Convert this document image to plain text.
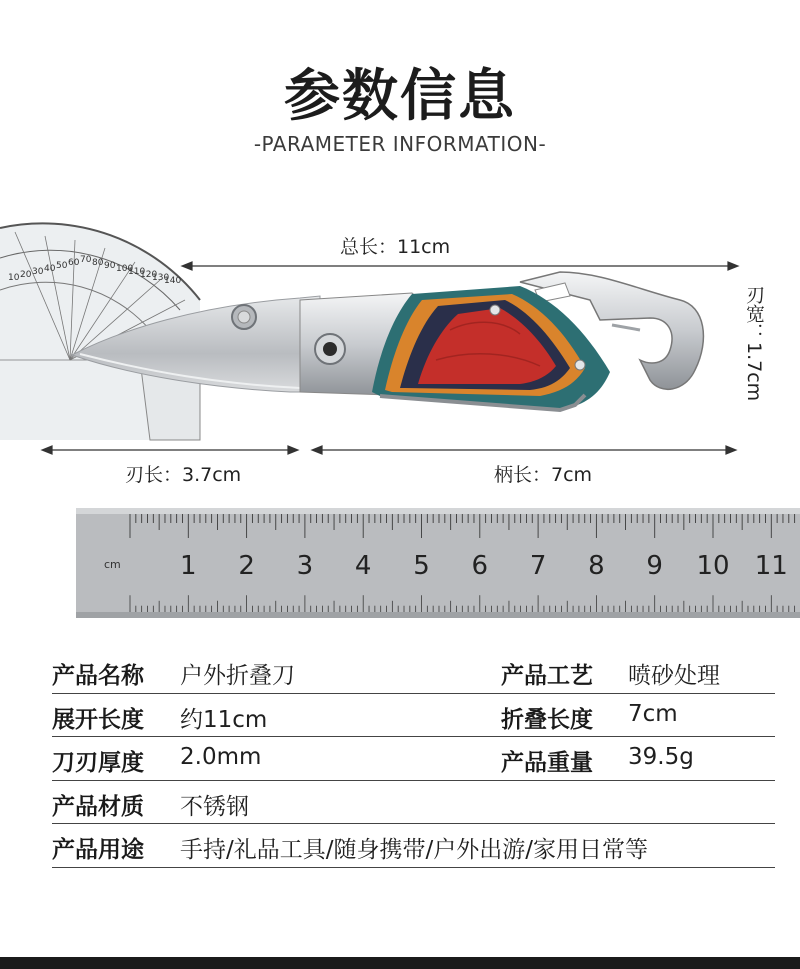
参数信息
-PARAMETER INFORMATION-
10 20 30 40 50 60 70 80 90 100
110
120
130
140
总长：11cm
刃长：3.7cm	柄长：7cm
刃宽：1.7cm
1 2 3 4 5 6 7 8 9 10 11
cm
产品名称 户外折叠刀	产品工艺 喷砂处理
展开长度 约11cm	折叠长度 7cm
刀刃厚度 2.0mm	产品重量 39.5g
产品材质 不锈钢
产品用途 手持/礼品工具/随身携带/户外出游/家用日常等
